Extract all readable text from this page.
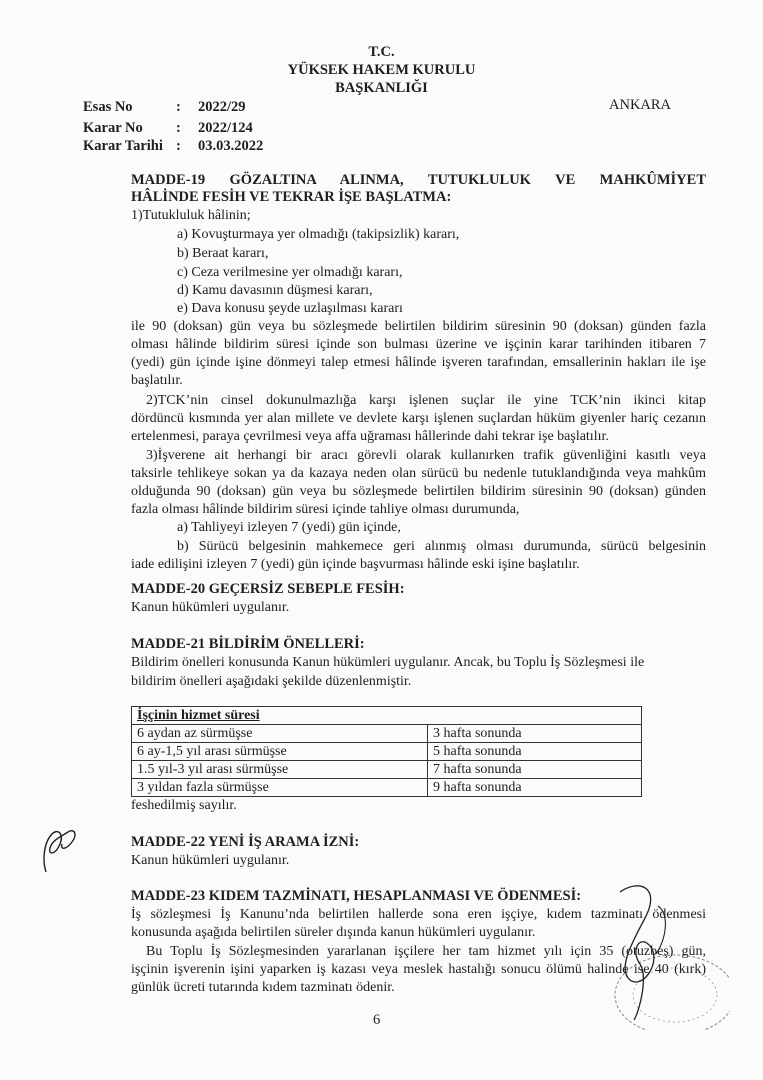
T.C.
YÜKSEK HAKEM KURULU
BAŞKANLIĞI
ANKARA
Esas No	: 2022/29
Karar No : 2022/124
Karar Tarihi : 03.03.2022
MADDE-19 GÖZALTINA ALINMA, TUTUKLULUK VE MAHKÛMİYET
HÂLİNDE FESİH VE TEKRAR İŞE BAŞLATMA:
1)Tutukluluk hâlinin;
a) Kovuşturmaya yer olmadığı (takipsizlik) kararı,
b) Beraat kararı,
c) Ceza verilmesine yer olmadığı kararı,
d) Kamu davasının düşmesi kararı,
e) Dava konusu şeyde uzlaşılması kararı
ile 90 (doksan) gün veya bu sözleşmede belirtilen bildirim süresinin 90 (doksan) günden fazla
olması hâlinde bildirim süresi içinde son bulması üzerine ve işçinin karar tarihinden itibaren 7
(yedi) gün içinde işine dönmeyi talep etmesi hâlinde işveren tarafından, emsallerinin hakları ile işe
başlatılır.
2)TCK’nin cinsel dokunulmazlığa karşı işlenen suçlar ile yine TCK’nin ikinci kitap
dördüncü kısmında yer alan millete ve devlete karşı işlenen suçlardan hüküm giyenler hariç cezanın
ertelenmesi, paraya çevrilmesi veya affa uğraması hâllerinde dahi tekrar işe başlatılır.
3)İşverene ait herhangi bir aracı görevli olarak kullanırken trafik güvenliğini kasıtlı veya
taksirle tehlikeye sokan ya da kazaya neden olan sürücü bu nedenle tutuklandığında veya mahkûm
olduğunda 90 (doksan) gün veya bu sözleşmede belirtilen bildirim süresinin 90 (doksan) günden
fazla olması hâlinde bildirim süresi içinde tahliye olması durumunda,
a) Tahliyeyi izleyen 7 (yedi) gün içinde,
b) Sürücü belgesinin mahkemece geri alınmış olması durumunda, sürücü belgesinin
iade edilişini izleyen 7 (yedi) gün içinde başvurması hâlinde eski işine başlatılır.
MADDE-20 GEÇERSİZ SEBEPLE FESİH:
Kanun hükümleri uygulanır.
MADDE-21 BİLDİRİM ÖNELLERİ:
Bildirim önelleri konusunda Kanun hükümleri uygulanır. Ancak, bu Toplu İş Sözleşmesi ile
bildirim önelleri aşağıdaki şekilde düzenlenmiştir.
İşçinin hizmet süresi	
6 aydan az sürmüşse	3 hafta sonunda
6 ay-1,5 yıl arası sürmüşse	5 hafta sonunda
1.5 yıl-3 yıl arası sürmüşse	7 hafta sonunda
3 yıldan fazla sürmüşse	9 hafta sonunda
feshedilmiş sayılır.
MADDE-22 YENİ İŞ ARAMA İZNİ:
Kanun hükümleri uygulanır.
MADDE-23 KIDEM TAZMİNATI, HESAPLANMASI VE ÖDENMESİ:
İş sözleşmesi İş Kanunu’nda belirtilen hallerde sona eren işçiye, kıdem tazminatı ödenmesi
konusunda aşağıda belirtilen süreler dışında kanun hükümleri uygulanır.
Bu Toplu İş Sözleşmesinden yararlanan işçilere her tam hizmet yılı için 35 (otuzbeş) gün,
işçinin işverenin işini yaparken iş kazası veya meslek hastalığı sonucu ölümü halinde ise 40 (kırk)
günlük ücreti tutarında kıdem tazminatı ödenir.
6
